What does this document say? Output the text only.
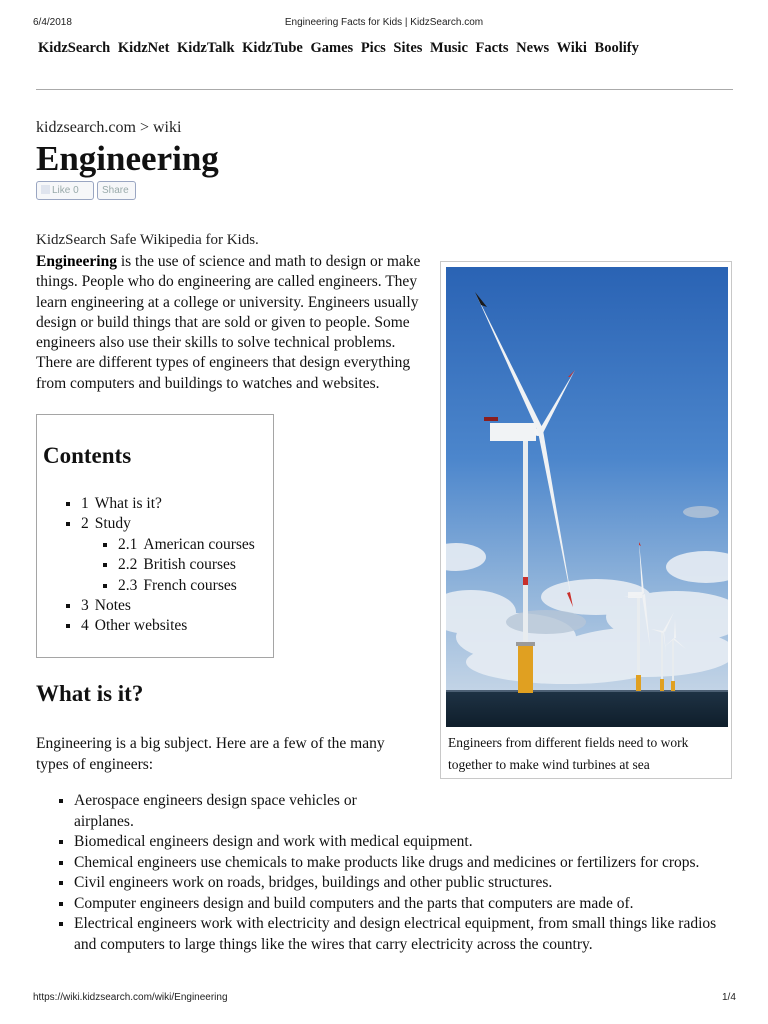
6/4/2018	Engineering Facts for Kids | KidzSearch.com
KidzSearch KidzNet KidzTalk KidzTube Games Pics Sites Music Facts News Wiki Boolify
kidzsearch.com > wiki
Engineering
Like 0	Share
KidzSearch Safe Wikipedia for Kids.

Engineering is the use of science and math to design or make things. People who do engineering are called engineers. They learn engineering at a college or university. Engineers usually design or build things that are sold or given to people. Some engineers also use their skills to solve technical problems. There are different types of engineers that design everything from computers and buildings to watches and websites.

Contents
▪ 1 What is it?
▪ 2 Study
▪ 2.1 American courses
▪ 2.2 British courses
▪ 2.3 French courses
▪ 3 Notes
▪ 4 Other websites
Engineers from different fields need to work together to make wind turbines at sea
What is it?

Engineering is a big subject. Here are a few of the many types of engineers:

▪ Aerospace engineers design space vehicles or airplanes.
▪ Biomedical engineers design and work with medical equipment.
▪ Chemical engineers use chemicals to make products like drugs and medicines or fertilizers for crops.
▪ Civil engineers work on roads, bridges, buildings and other public structures.
▪ Computer engineers design and build computers and the parts that computers are made of.
▪ Electrical engineers work with electricity and design electrical equipment, from small things like radios and computers to large things like the wires that carry electricity across the country.
https://wiki.kidzsearch.com/wiki/Engineering	1/4
